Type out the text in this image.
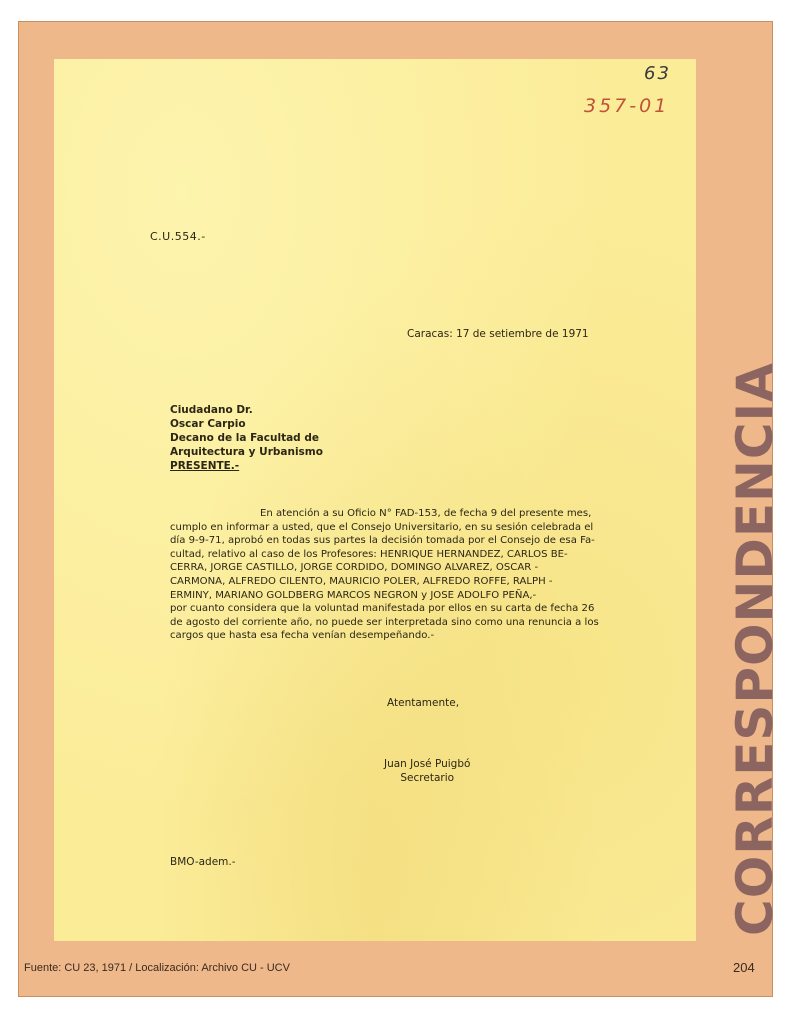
63
357-01
C.U.554.-
Caracas: 17 de setiembre de 1971
Ciudadano Dr.
Oscar Carpio
Decano de la Facultad de
Arquitectura y Urbanismo
PRESENTE.-
En atención a su Oficio N° FAD-153, de fecha 9 del presente mes,
cumplo en informar a usted, que el Consejo Universitario, en su sesión celebrada el
día 9-9-71, aprobó en todas sus partes la decisión tomada por el Consejo de esa Fa-
cultad, relativo al caso de los Profesores: HENRIQUE HERNANDEZ, CARLOS BE-
CERRA, JORGE CASTILLO, JORGE CORDIDO, DOMINGO ALVAREZ, OSCAR -
CARMONA, ALFREDO CILENTO, MAURICIO POLER, ALFREDO ROFFE, RALPH -
ERMINY, MARIANO GOLDBERG MARCOS NEGRON y JOSE ADOLFO PEÑA,-
por cuanto considera que la voluntad manifestada por ellos en su carta de fecha 26
de agosto del corriente año, no puede ser interpretada sino como una renuncia a los
cargos que hasta esa fecha venían desempeñando.-
Atentamente,
Juan José Puigbó
Secretario
BMO-adem.-	CORRESPONDENCIA
Fuente: CU 23, 1971 / Localización: Archivo CU - UCV	204
